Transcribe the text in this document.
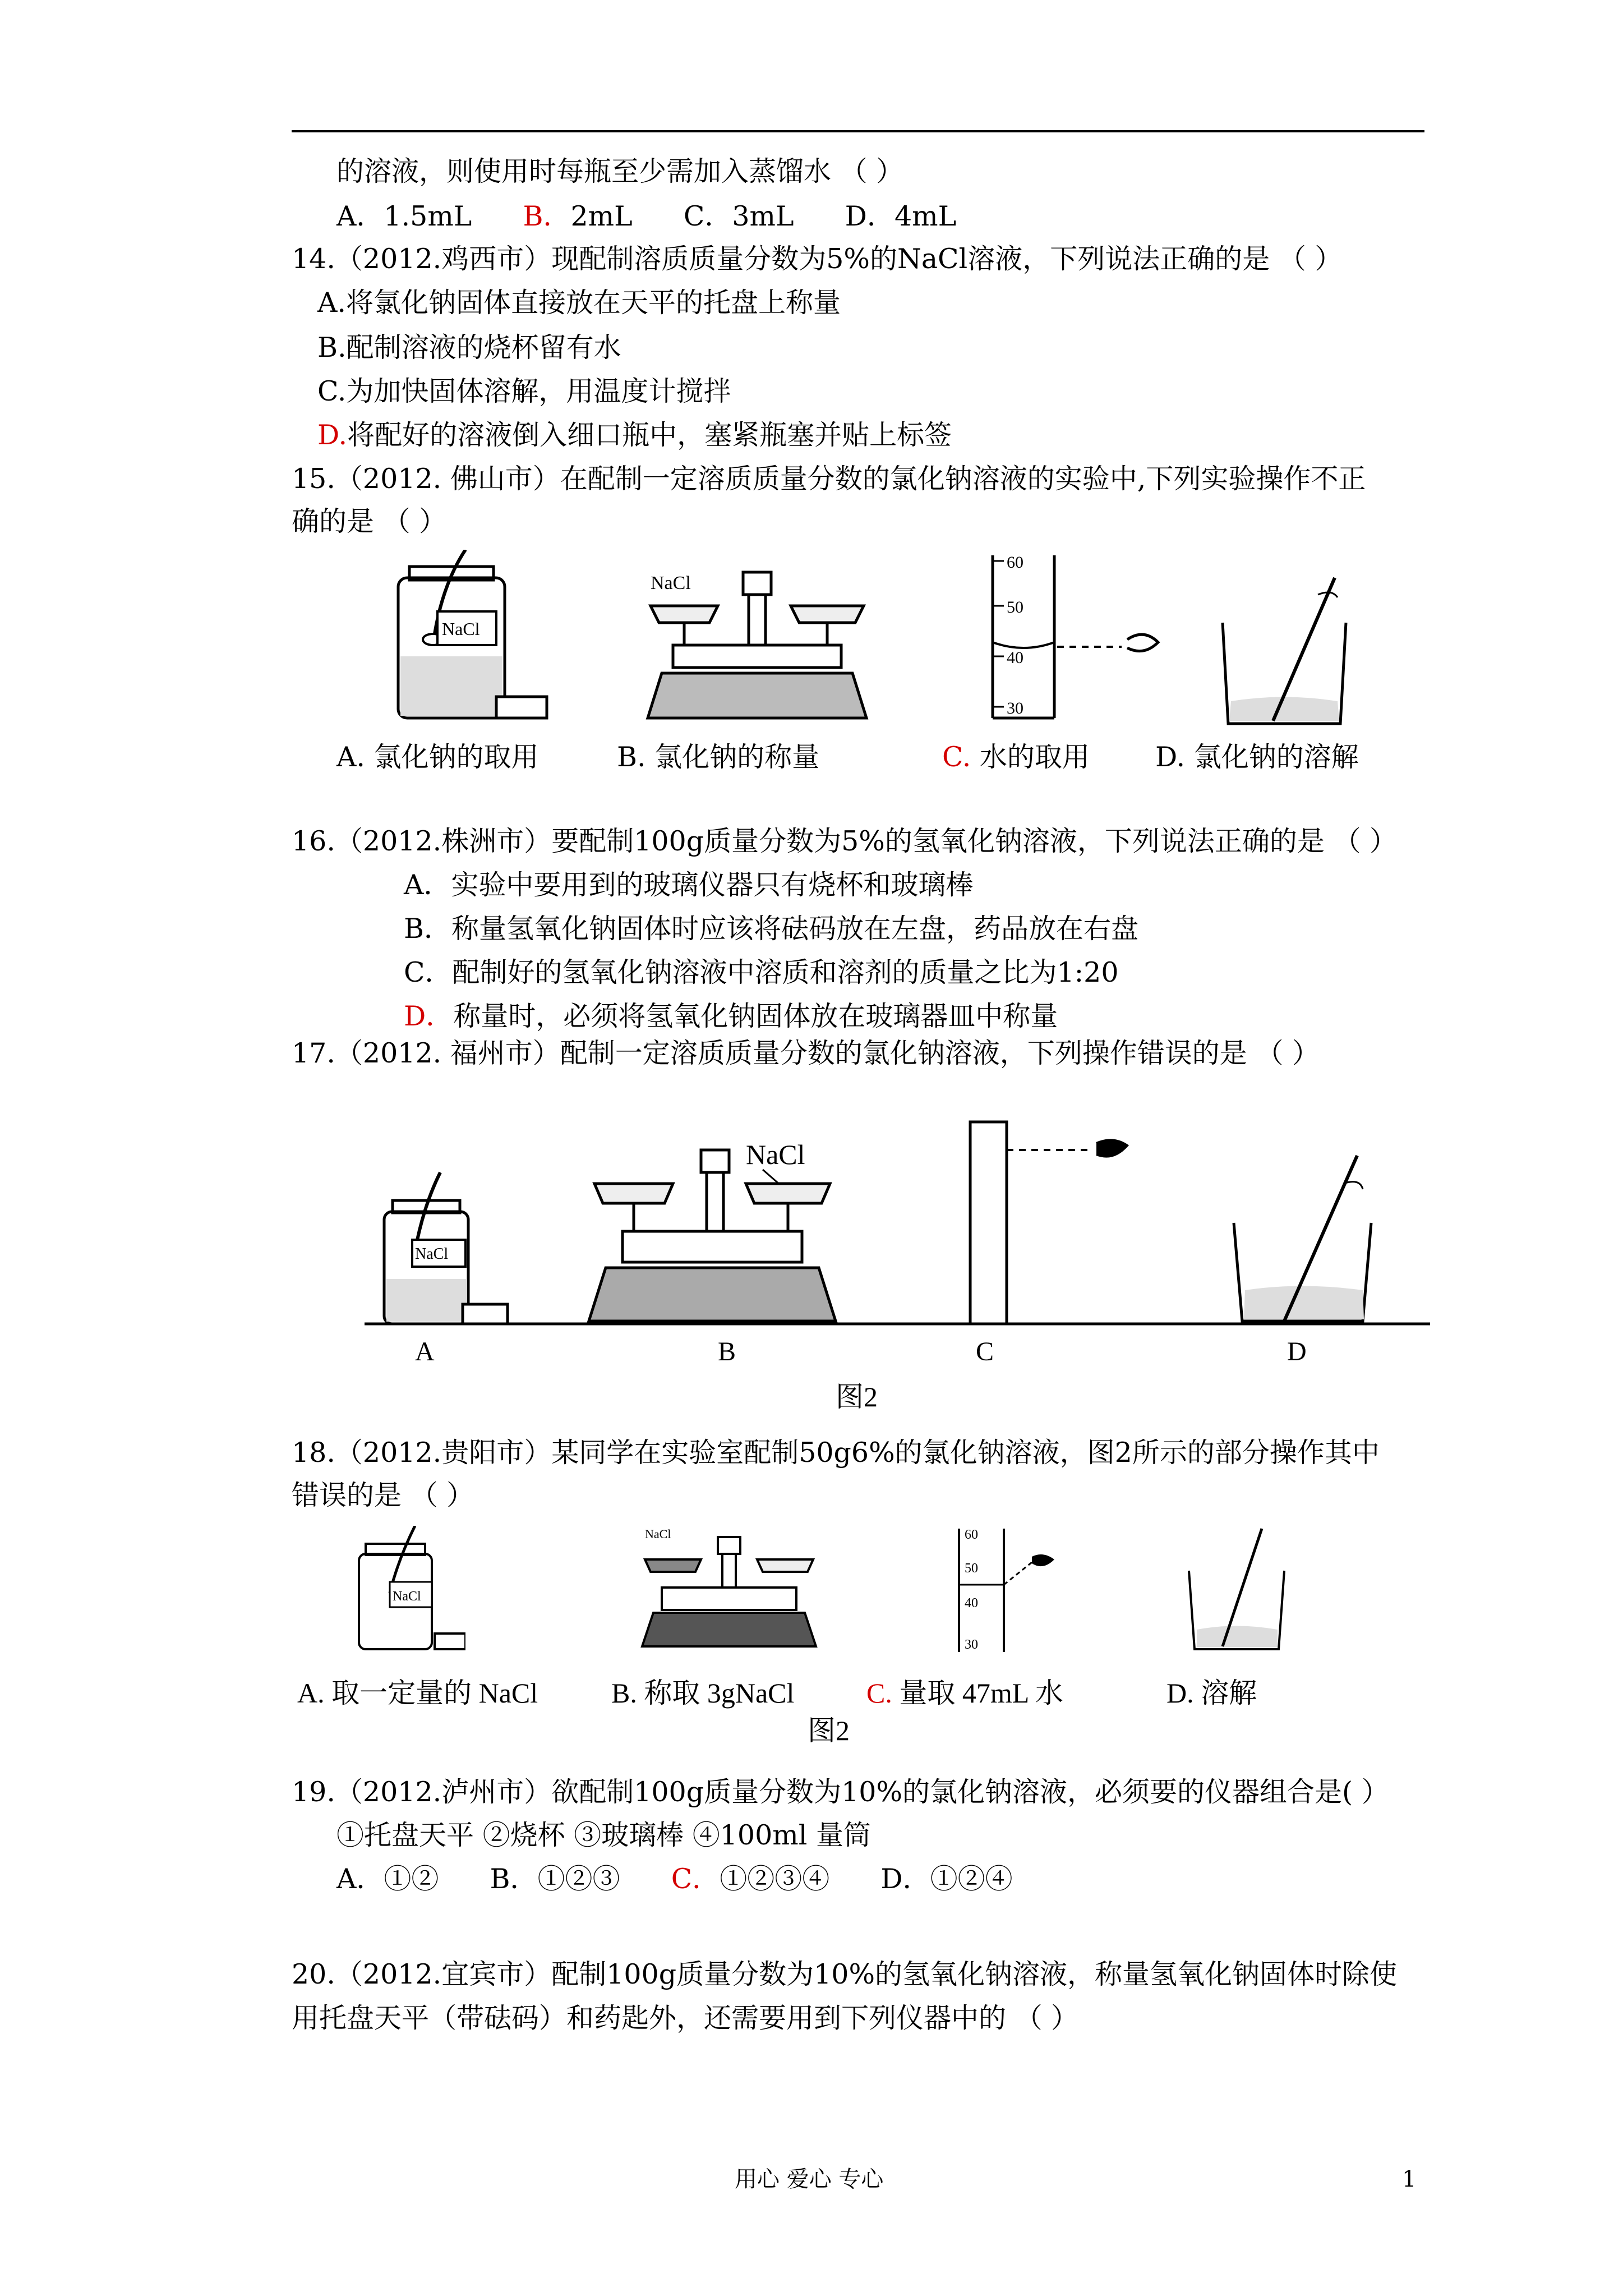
的溶液，则使用时每瓶至少需加入蒸馏水 （ ）
A．1.5mL B．2mL C．3mL D．4mL
14.（2012.鸡西市）现配制溶质质量分数为5%的NaCl溶液，下列说法正确的是 （ ）
A.将氯化钠固体直接放在天平的托盘上称量
B.配制溶液的烧杯留有水
C.为加快固体溶解，用温度计搅拌
D.将配好的溶液倒入细口瓶中，塞紧瓶塞并贴上标签
15.（2012. 佛山市）在配制一定溶质质量分数的氯化钠溶液的实验中,下列实验操作不正
确的是 （ ）
NaCl
NaCl
60
50
40
30
A. 氯化钠的取用	B. 氯化钠的称量	C. 水的取用 D. 氯化钠的溶解
16.（2012.株洲市）要配制100g质量分数为5%的氢氧化钠溶液，下列说法正确的是 （ ）
A．实验中要用到的玻璃仪器只有烧杯和玻璃棒
B．称量氢氧化钠固体时应该将砝码放在左盘，药品放在右盘
C．配制好的氢氧化钠溶液中溶质和溶剂的质量之比为1:20
D．称量时，必须将氢氧化钠固体放在玻璃器皿中称量
17.（2012. 福州市）配制一定溶质质量分数的氯化钠溶液，下列操作错误的是 （ ）
NaCl
NaCl
A	B	C	D
图2
18.（2012.贵阳市）某同学在实验室配制50g6%的氯化钠溶液，图2所示的部分操作其中
错误的是 （ ）
NaCl
NaCl	60
50
40
30
A. 取一定量的 NaCl	B. 称取 3gNaCl	C. 量取 47mL 水	D. 溶解
图2
19.（2012.泸州市）欲配制100g质量分数为10%的氯化钠溶液，必须要的仪器组合是( ）
①托盘天平 ②烧杯 ③玻璃棒 ④100ml 量筒
A．①② B．①②③ C．①②③④ D．①②④
20.（2012.宜宾市）配制100g质量分数为10%的氢氧化钠溶液，称量氢氧化钠固体时除使
用托盘天平（带砝码）和药匙外，还需要用到下列仪器中的 （ ）
用心 爱心 专心	1
